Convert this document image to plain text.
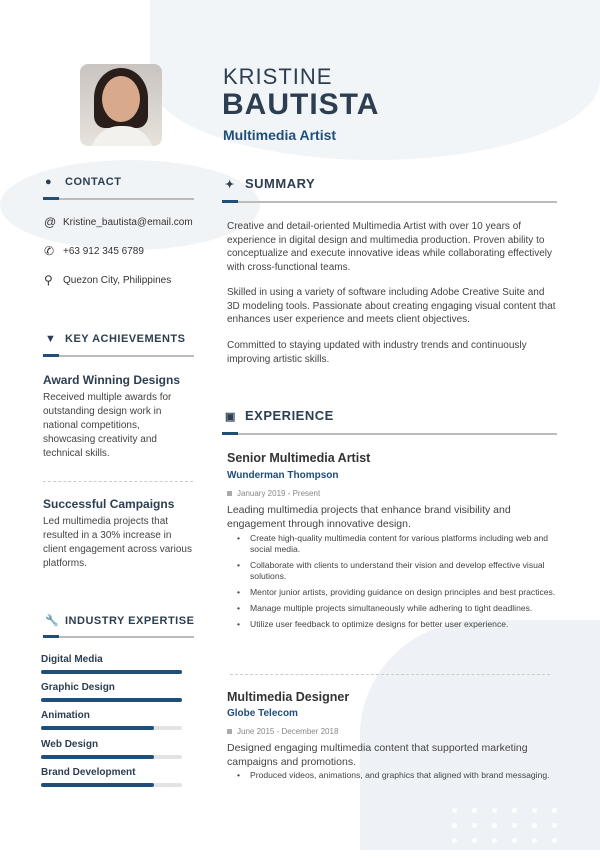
KRISTINE
BAUTISTA
Multimedia Artist
● CONTACT
@ Kristine_bautista@email.com
✆ +63 912 345 6789
⚲	Quezon City, Philippines
▼ KEY ACHIEVEMENTS
Award Winning Designs
Received multiple awards for outstanding design work in national competitions, showcasing creativity and technical skills.
Successful Campaigns
Led multimedia projects that resulted in a 30% increase in client engagement across various platforms.
🔧 INDUSTRY EXPERTISE
Digital Media
Graphic Design
Animation
Web Design
Brand Development
✦ SUMMARY
Creative and detail-oriented Multimedia Artist with over 10 years of experience in digital design and multimedia production. Proven ability to conceptualize and execute innovative ideas while collaborating effectively with cross-functional teams.
Skilled in using a variety of software including Adobe Creative Suite and 3D modeling tools. Passionate about creating engaging visual content that enhances user experience and meets client objectives.
Committed to staying updated with industry trends and continuously improving artistic skills.
▣ EXPERIENCE
Senior Multimedia Artist
Wunderman Thompson
January 2019 - Present
Leading multimedia projects that enhance brand visibility and engagement through innovative design.
• Create high-quality multimedia content for various platforms including web and social media.
• Collaborate with clients to understand their vision and develop effective visual solutions.
• Mentor junior artists, providing guidance on design principles and best practices.
• Manage multiple projects simultaneously while adhering to tight deadlines.
• Utilize user feedback to optimize designs for better user experience.
Multimedia Designer
Globe Telecom
June 2015 - December 2018
Designed engaging multimedia content that supported marketing campaigns and promotions.
• Produced videos, animations, and graphics that aligned with brand messaging.
